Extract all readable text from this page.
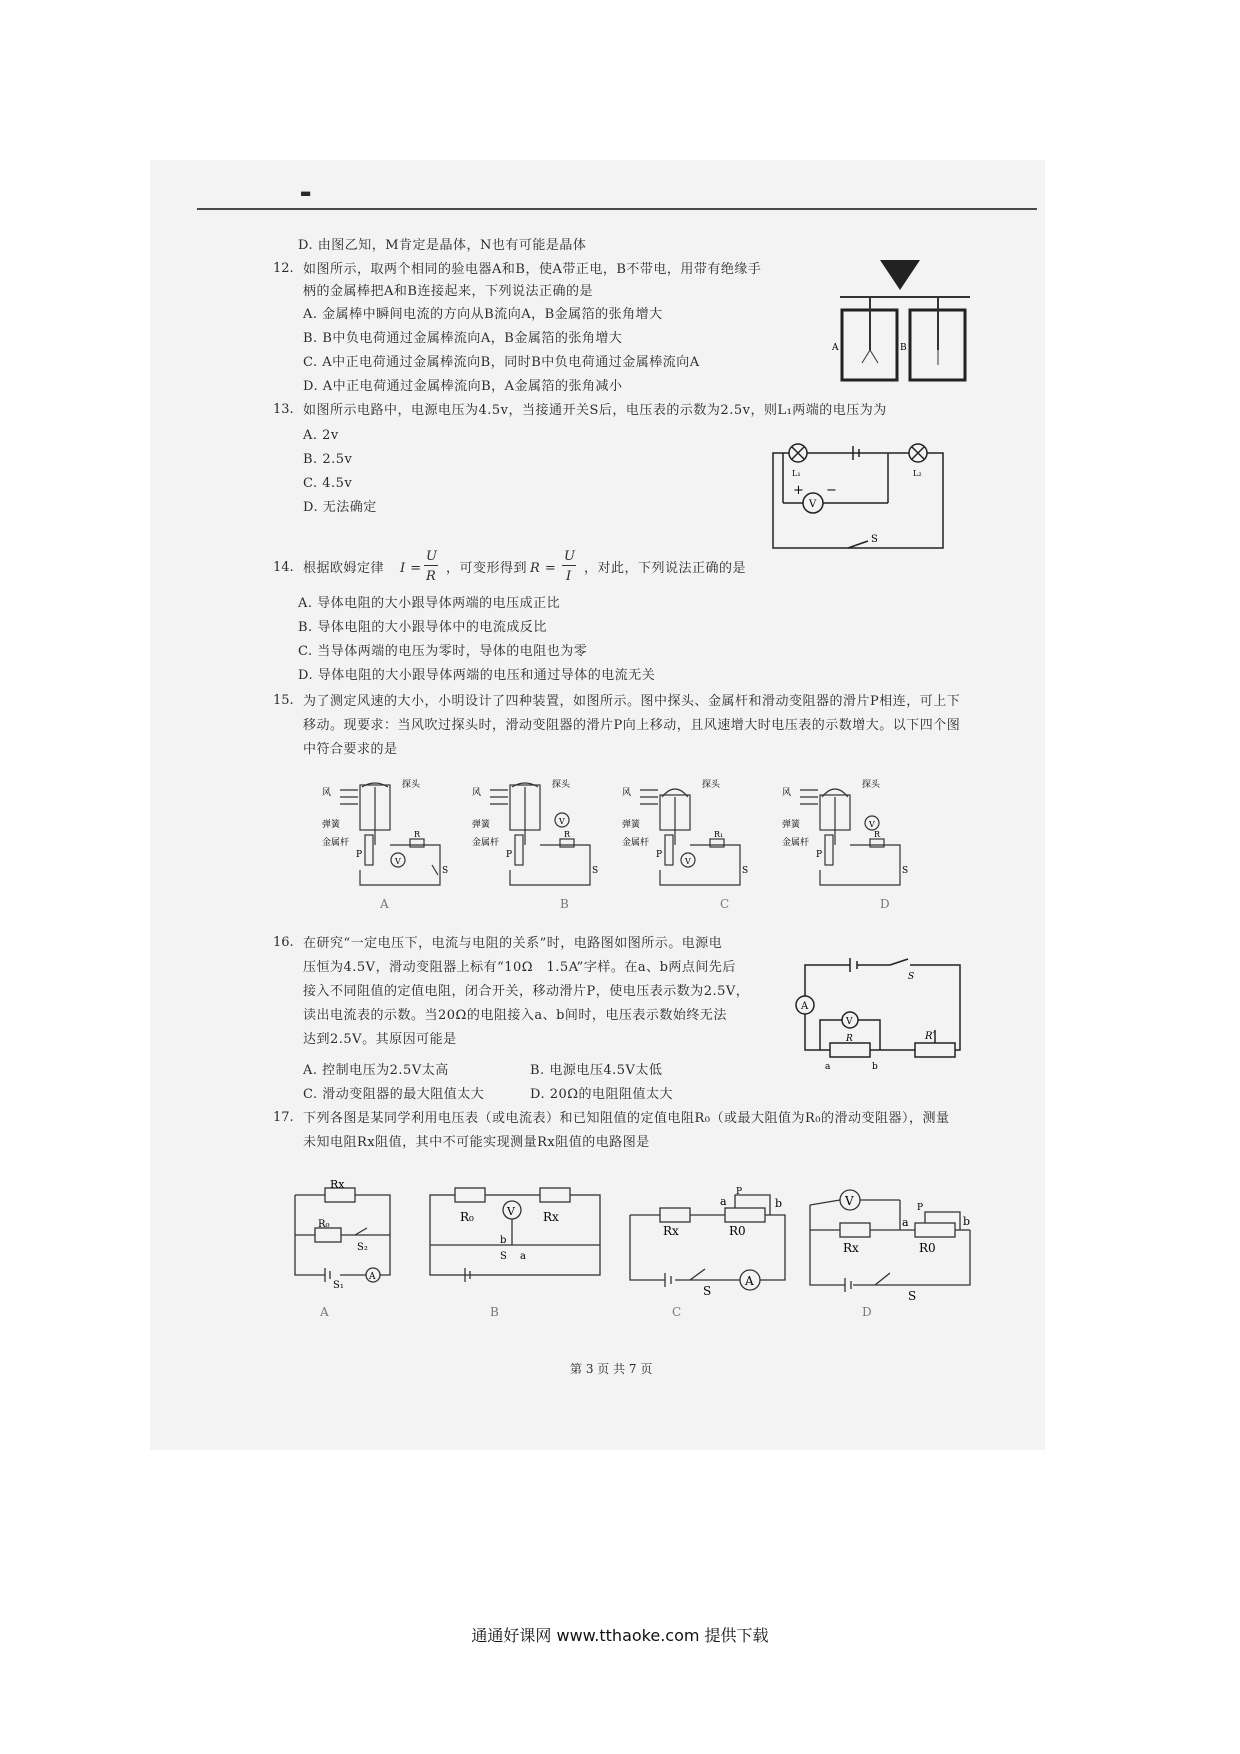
▬
D. 由图乙知，M肯定是晶体，N也有可能是晶体
12. 如图所示，取两个相同的验电器A和B，使A带正电，B不带电，用带有绝缘手
柄的金属棒把A和B连接起来，下列说法正确的是
A. 金属棒中瞬间电流的方向从B流向A，B金属箔的张角增大
B. B中负电荷通过金属棒流向A，B金属箔的张角增大
C. A中正电荷通过金属棒流向B，同时B中负电荷通过金属棒流向A
D. A中正电荷通过金属棒流向B，A金属箔的张角减小
A	B
13. 如图所示电路中，电源电压为4.5v，当接通开关S后，电压表的示数为2.5v，则L₁两端的电压为为
A. 2v
B. 2.5v
C. 4.5v
D. 无法确定	V
L₁	L₂
+ −
S
14. 根据欧姆定律 I =
U
R
，可变形得到 R =
U
I
，对此，下列说法正确的是
A. 导体电阻的大小跟导体两端的电压成正比
B. 导体电阻的大小跟导体中的电流成反比
C. 当导体两端的电压为零时，导体的电阻也为零
D. 导体电阻的大小跟导体两端的电压和通过导体的电流无关
15. 为了测定风速的大小，小明设计了四种装置，如图所示。图中探头、金属杆和滑动变阻器的滑片P相连，可上下
移动。现要求：当风吹过探头时，滑动变阻器的滑片P向上移动，且风速增大时电压表的示数增大。以下四个图
中符合要求的是
V
风
探头
弹簧
金属杆
P
R
S
V
风
探头
弹簧
金属杆
P
R
S
V
风
探头
弹簧
金属杆
P
R₁
S
V
风
探头
弹簧
金属杆
P
R
S
A	B	C	D
16. 在研究“一定电压下，电流与电阻的关系”时，电路图如图所示。电源电
压恒为4.5V，滑动变阻器上标有“10Ω　1.5A”字样。在a、b两点间先后
接入不同阻值的定值电阻，闭合开关，移动滑片P，使电压表示数为2.5V，
读出电流表的示数。当20Ω的电阻接入a、b间时，电压表示数始终无法
达到2.5V。其原因可能是
A. 控制电压为2.5V太高	B. 电源电压4.5V太低
C. 滑动变阻器的最大阻值太大	D. 20Ω的电阻阻值太大
A
V
R	R′
a	b
S
17. 下列各图是某同学利用电压表（或电流表）和已知阻值的定值电阻R₀（或最大阻值为R₀的滑动变阻器），测量
未知电阻Rx阻值，其中不可能实现测量Rx阻值的电路图是
Rx
R₀
S₂
S₁
A
V
R₀	Rx
b
S a
Rx	R0
a
P
b
S
A
V
Rx	R0
a
P
b
S
A	B	C	D
第 3 页 共 7 页
通通好课网 www.tthaoke.com 提供下载
